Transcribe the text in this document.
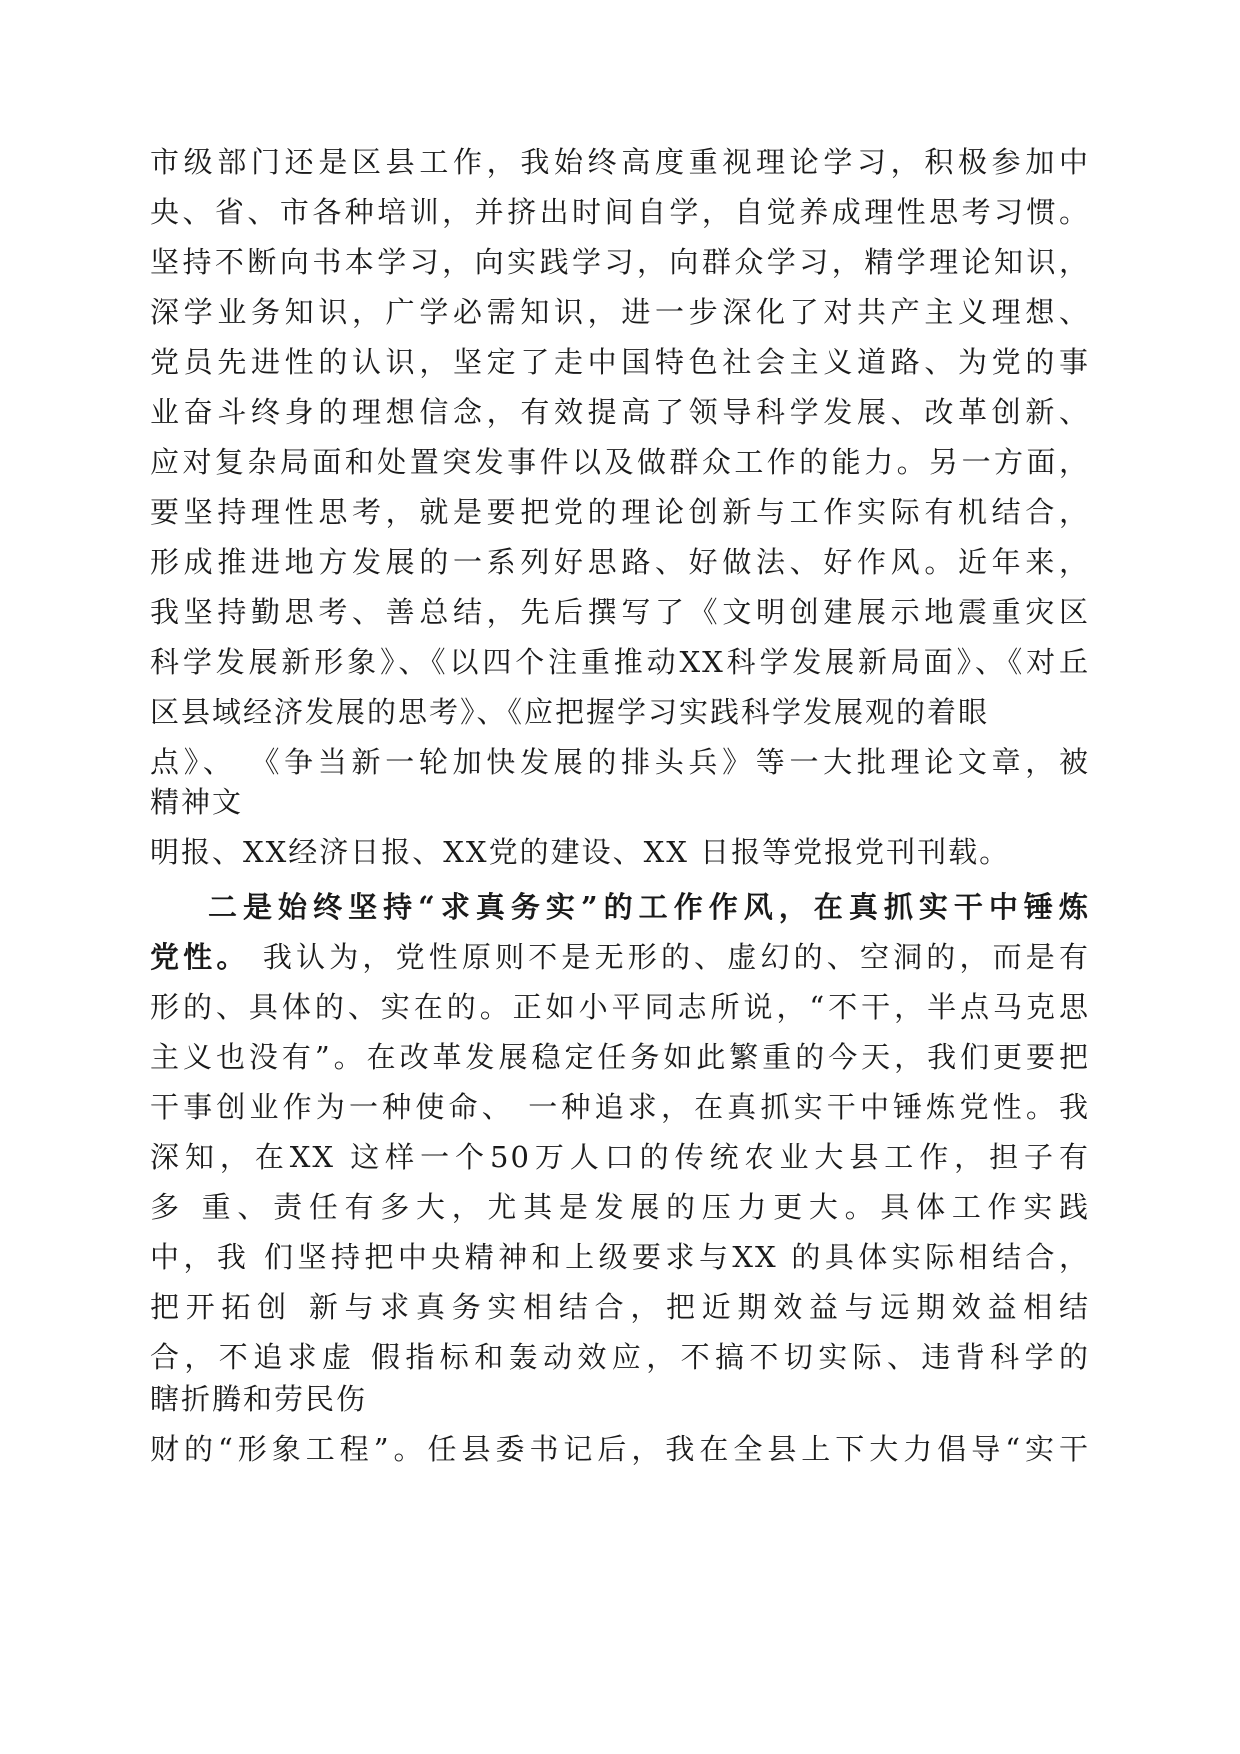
市级部门还是区县工作，我始终高度重视理论学习，积极参加中

央、省、市各种培训，并挤出时间自学，自觉养成理性思考习惯。

坚持不断向书本学习，向实践学习，向群众学习，精学理论知识，

深学业务知识，广学必需知识，进一步深化了对共产主义理想、

党员先进性的认识，坚定了走中国特色社会主义道路、为党的事

业奋斗终身的理想信念，有效提高了领导科学发展、改革创新、

应对复杂局面和处置突发事件以及做群众工作的能力。另一方面，

要坚持理性思考，就是要把党的理论创新与工作实际有机结合，

形成推进地方发展的一系列好思路、好做法、好作风。近年来，

我坚持勤思考、善总结，先后撰写了《文明创建展示地震重灾区

科学发展新形象》、《以四个注重推动XX科学发展新局面》、《对丘

区县域经济发展的思考》、《应把握学习实践科学发展观的着眼

点》、 《争当新一轮加快发展的排头兵》等一大批理论文章，被

精神文

明报、XX经济日报、XX党的建设、XX 日报等党报党刊刊载。

二是始终坚持“求真务实”的工作作风，在真抓实干中锤炼

党性。 我认为，党性原则不是无形的、虚幻的、空洞的，而是有

形的、具体的、实在的。正如小平同志所说，“不干，半点马克思

主义也没有”。在改革发展稳定任务如此繁重的今天，我们更要把

干事创业作为一种使命、 一种追求，在真抓实干中锤炼党性。我

深知，在XX 这样一个50万人口的传统农业大县工作，担子有

多 重、责任有多大，尤其是发展的压力更大。具体工作实践

中，我 们坚持把中央精神和上级要求与XX 的具体实际相结合，

把开拓创 新与求真务实相结合，把近期效益与远期效益相结

合，不追求虚 假指标和轰动效应，不搞不切实际、违背科学的

瞎折腾和劳民伤

财的“形象工程”。任县委书记后，我在全县上下大力倡导“实干
